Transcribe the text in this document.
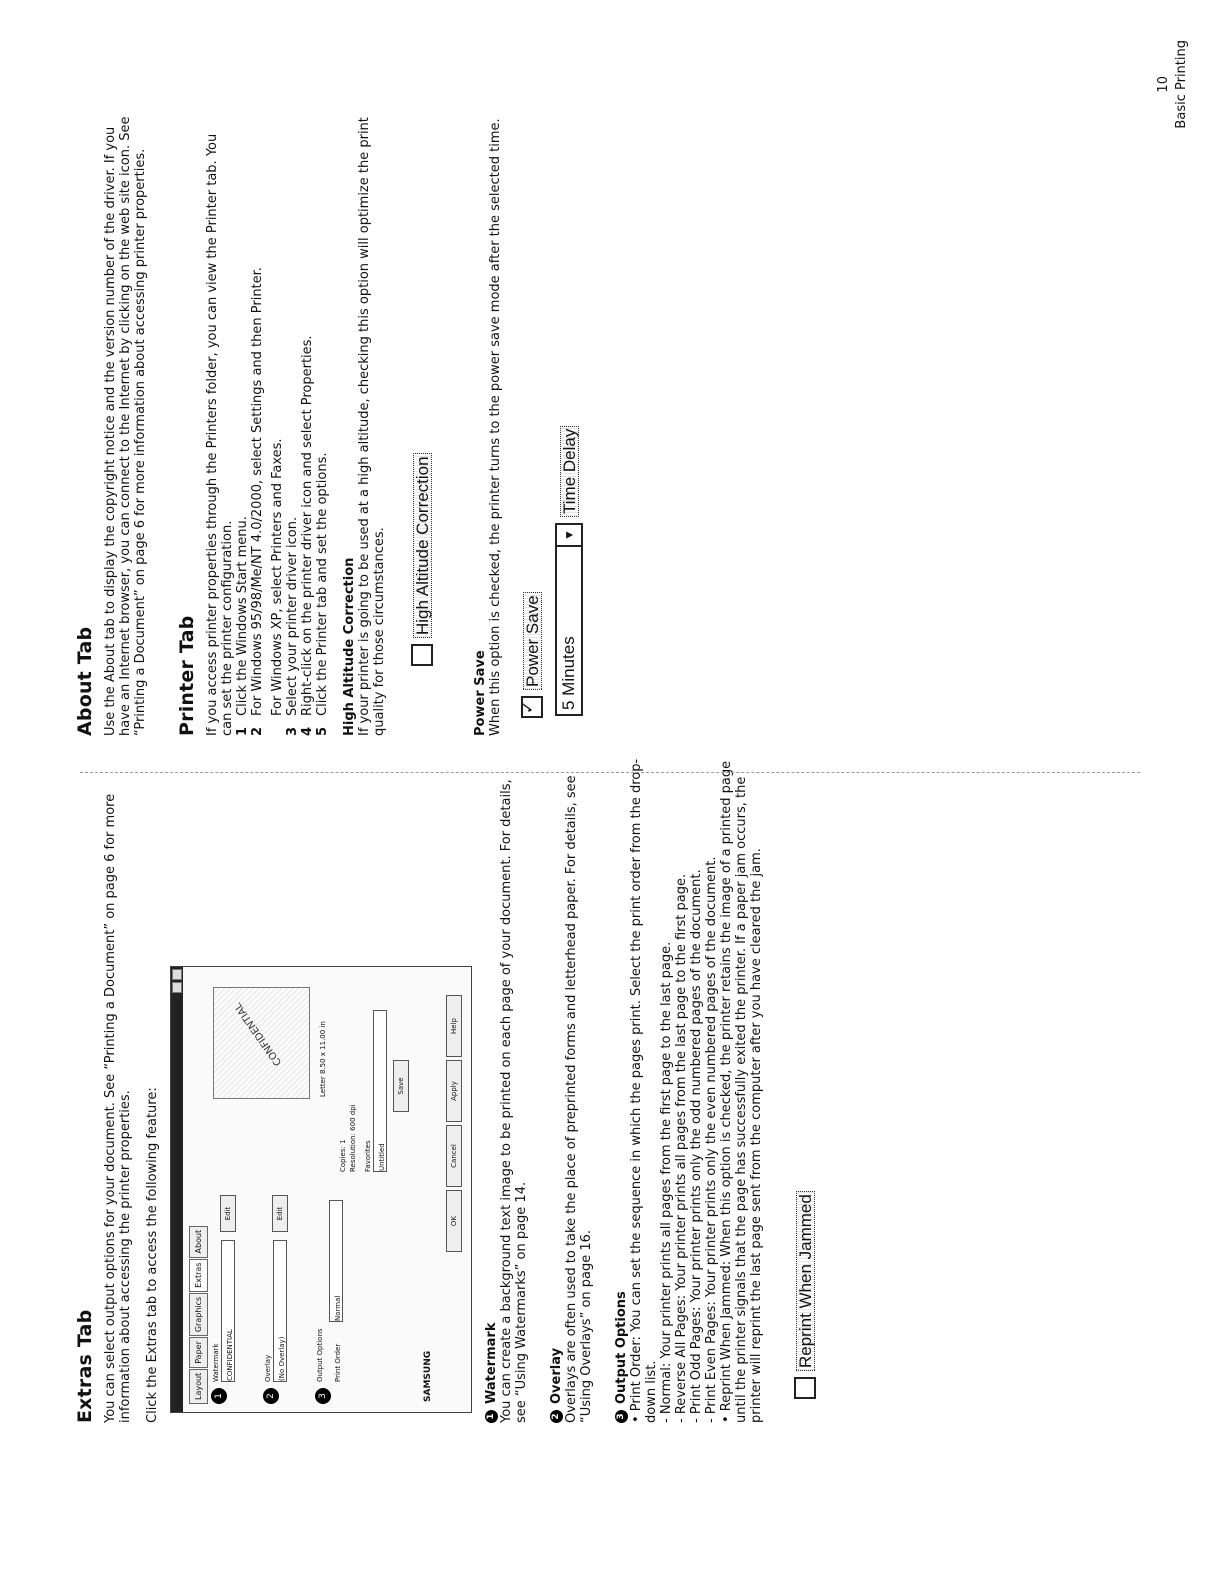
Extras Tab You can select output options for your document. See “Printing a Document” on page 6 for more information about accessing the printer properties. Click the Extras tab to access the following feature:	Layout
Paper
Graphics
Extras
About
1
Watermark CONFIDENTIAL
Edit
2
Overlay (No Overlay)
Edit
3
Output Options	Print Order
Normal
CONFIDENTIAL	Letter 8.50 x 11.00 in
Copies: 1 Resolution: 600 dpi	Favorites Untitled
Save
SAMSUNG
OK
Cancel
Apply
Help
1Watermark You can create a background text image to be printed on each page of your document. For details, see “Using Watermarks” on page 14. 2Overlay Overlays are often used to take the place of preprinted forms and letterhead paper. For details, see “Using Overlays” on page 16. 3Output Options • Print Order: You can set the sequence in which the pages print. Select the print order from the drop-down list. - Normal: Your printer prints all pages from the first page to the last page. - Reverse All Pages: Your printer prints all pages from the last page to the first page. - Print Odd Pages: Your printer prints only the odd numbered pages of the document. - Print Even Pages: Your printer prints only the even numbered pages of the document. • Reprint When Jammed: When this option is checked, the printer retains the image of a printed page until the printer signals that the page has successfully exited the printer. If a paper jam occurs, the printer will reprint the last page sent from the computer after you have cleared the jam. Reprint When Jammed
About Tab Use the About tab to display the copyright notice and the version number of the driver. If you have an Internet browser, you can connect to the Internet by clicking on the web site icon. See “Printing a Document” on page 6 for more information about accessing printer properties. Printer Tab If you access printer properties through the Printers folder, you can view the Printer tab. You can set the printer configuration. 1
Click the Windows Start menu.
2
For Windows 95/98/Me/NT 4.0/2000, select Settings and then Printer. For Windows XP, select Printers and Faxes.
3
Select your printer driver icon.
4
Right-click on the printer driver icon and select Properties.
5
Click the Printer tab and set the options. High Altitude Correction If your printer is going to be used at a high altitude, checking this option will optimize the print quality for those circumstances. High Altitude Correction
Power Save When this option is checked, the printer turns to the power save mode after the selected time.

✓ Power Save 5 Minutes
▼
Time Delay
10 Basic Printing
